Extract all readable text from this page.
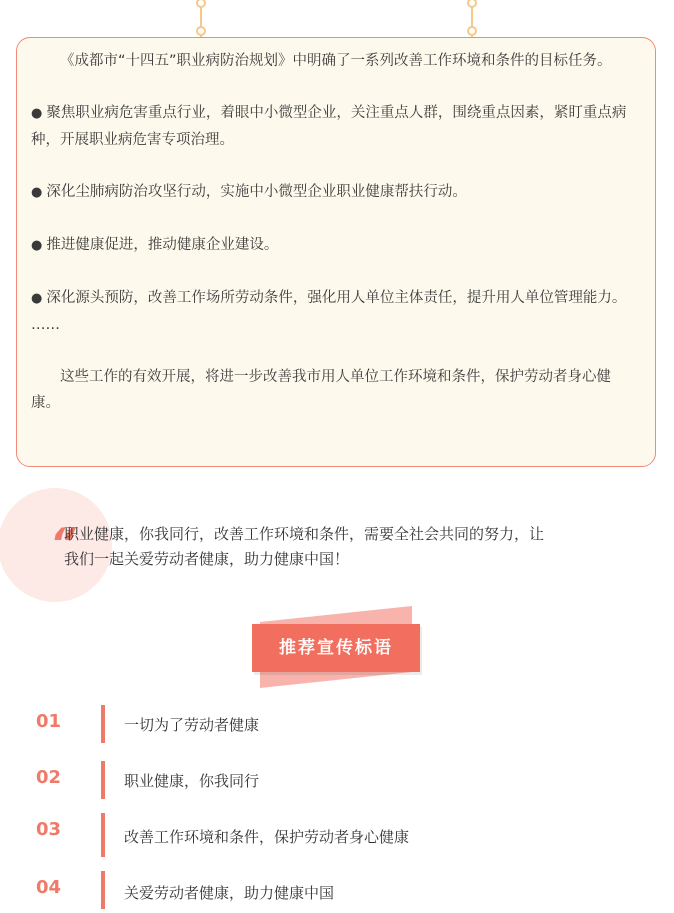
《成都市“十四五”职业病防治规划》中明确了一系列改善工作环境和条件的目标任务。

● 聚焦职业病危害重点行业，着眼中小微型企业，关注重点人群，围绕重点因素，紧盯重点病种，开展职业病危害专项治理。

● 深化尘肺病防治攻坚行动，实施中小微型企业职业健康帮扶行动。

● 推进健康促进，推动健康企业建设。

● 深化源头预防，改善工作场所劳动条件，强化用人单位主体责任，提升用人单位管理能力。

……

这些工作的有效开展，将进一步改善我市用人单位工作环境和条件，保护劳动者身心健康。

“
职业健康，你我同行，改善工作环境和条件，需要全社会共同的努力，让
我们一起关爱劳动者健康，助力健康中国！
推荐宣传标语
01	一切为了劳动者健康
02	职业健康，你我同行
03	改善工作环境和条件，保护劳动者身心健康
04	关爱劳动者健康，助力健康中国
